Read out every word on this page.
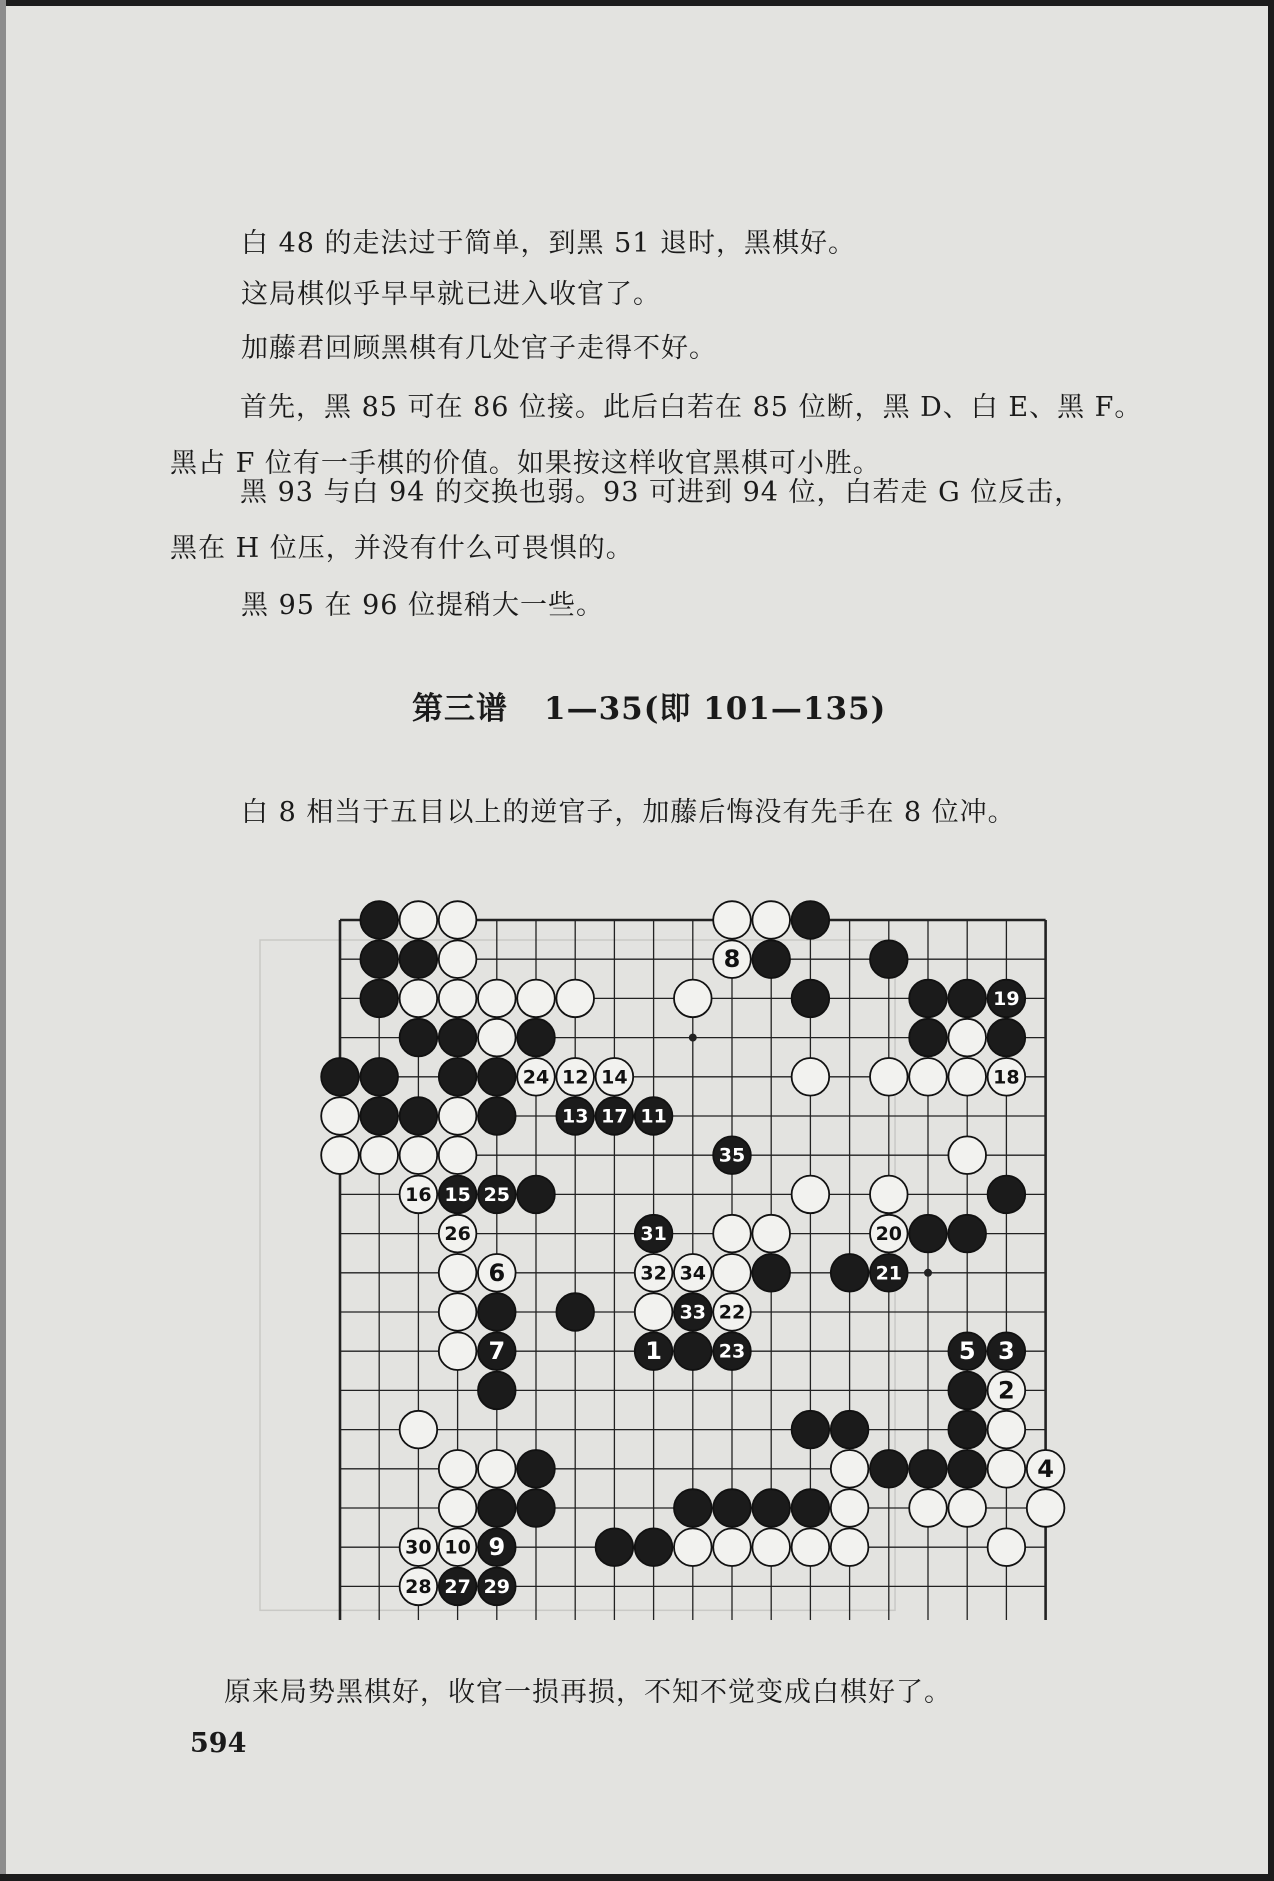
白 48 的走法过于简单，到黑 51 退时，黑棋好。
这局棋似乎早早就已进入收官了。
加藤君回顾黑棋有几处官子走得不好。
首先，黑 85 可在 86 位接。此后白若在 85 位断，黑 D、白 E、黑 F。
黑占 F 位有一手棋的价值。如果按这样收官黑棋可小胜。
黑 93 与白 94 的交换也弱。93 可进到 94 位，白若走 G 位反击，
黑在 H 位压，并没有什么可畏惧的。
黑 95 在 96 位提稍大一些。
第三谱 1—35(即 101—135)
白 8 相当于五目以上的逆官子，加藤后悔没有先手在 8 位冲。
8
19
24 12 14	18
13 17 11
35
16 15 25
26	31	20
6	32 34	21
33 22
7	1	23	5 3
2
4
30 10 9
28 27 29
原来局势黑棋好，收官一损再损，不知不觉变成白棋好了。
594
